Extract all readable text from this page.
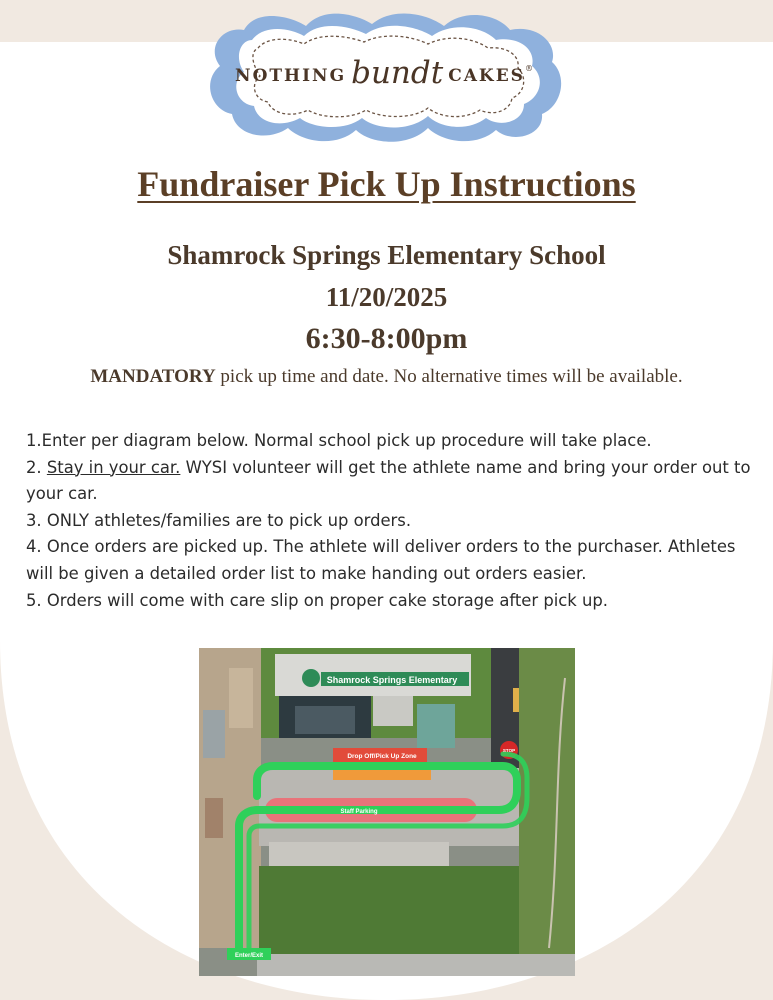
NOTHING bundt CAKES ®
Fundraiser Pick Up Instructions
Shamrock Springs Elementary School
11/20/2025
6:30-8:00pm

MANDATORY pick up time and date. No alternative times will be available.

1.Enter per diagram below. Normal school pick up procedure will take place.
2. Stay in your car. WYSI volunteer will get the athlete name and bring your order out to your car.
3. ONLY athletes/families are to pick up orders.
4. Once orders are picked up. The athlete will deliver orders to the purchaser. Athletes will be given a detailed order list to make handing out orders easier.
5. Orders will come with care slip on proper cake storage after pick up.
Shamrock Springs Elementary
Drop Off/Pick Up Zone
Staff Parking
Enter/Exit
STOP
